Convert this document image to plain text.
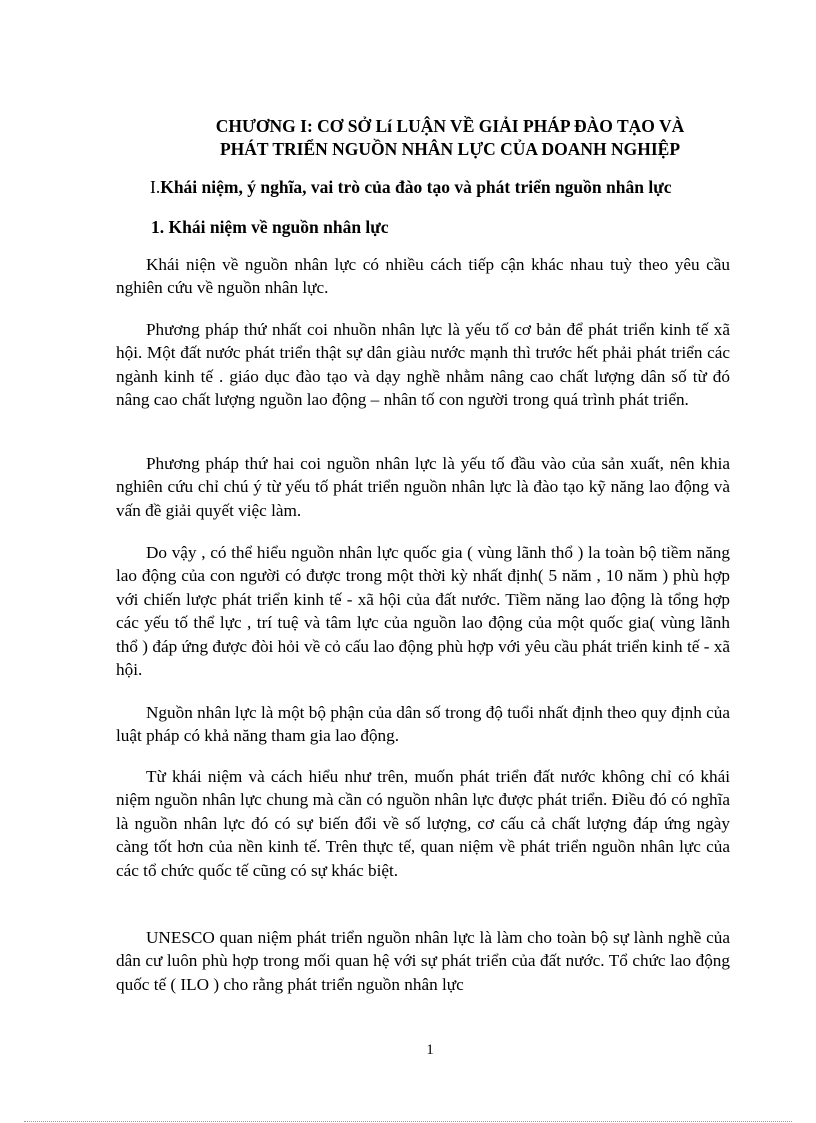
CHƯƠNG I: CƠ SỞ Lí LUẬN VỀ GIẢI PHÁP ĐÀO TẠO VÀ
PHÁT TRIỂN NGUỒN NHÂN LỰC CỦA DOANH NGHIỆP
I.Khái niệm, ý nghĩa, vai trò của đào tạo và phát triển nguồn nhân lực
1. Khái niệm về nguồn nhân lực

Khái niện về nguồn nhân lực có nhiều cách tiếp cận khác nhau tuỳ theo yêu cầu nghiên cứu về nguồn nhân lực.

Phương pháp thứ nhất coi nhuồn nhân lực là yếu tố cơ bản để phát triển kinh tế xã hội. Một đất nước phát triển thật sự dân giàu nước mạnh thì trước hết phải phát triển các ngành kinh tế . giáo dục đào tạo và dạy nghề nhằm nâng cao chất lượng dân số từ đó nâng cao chất lượng nguồn lao động – nhân tố con người trong quá trình phát triển.

Phương pháp thứ hai coi nguồn nhân lực là yếu tố đầu vào của sản xuất, nên khia nghiên cứu chỉ chú ý từ yếu tố phát triển nguồn nhân lực là đào tạo kỹ năng lao động và vấn đề giải quyết việc làm.

Do vậy , có thể hiểu nguồn nhân lực quốc gia ( vùng lãnh thổ ) la toàn bộ tiềm năng lao động của con người có được trong một thời kỳ nhất định( 5 năm , 10 năm ) phù hợp với chiến lược phát triển kinh tế - xã hội của đất nước. Tiềm năng lao động là tổng hợp các yếu tố thể lực , trí tuệ và tâm lực của nguồn lao động của một quốc gia( vùng lãnh thổ ) đáp ứng được đòi hỏi về cỏ cấu lao động phù hợp với yêu cầu phát triển kinh tế - xã hội.

Nguồn nhân lực là một bộ phận của dân số trong độ tuổi nhất định theo quy định của luật pháp có khả năng tham gia lao động.

Từ khái niệm và cách hiểu như trên, muốn phát triển đất nước không chỉ có khái niệm nguồn nhân lực chung mà cần có nguồn nhân lực được phát triển. Điều đó có nghĩa là nguồn nhân lực đó có sự biến đổi về số lượng, cơ cấu cả chất lượng đáp ứng ngày càng tốt hơn của nền kinh tế. Trên thực tế, quan niệm về phát triển nguồn nhân lực của các tổ chức quốc tế cũng có sự khác biệt.

UNESCO quan niệm phát triển nguồn nhân lực là làm cho toàn bộ sự lành nghề của dân cư luôn phù hợp trong mối quan hệ với sự phát triển của đất nước. Tổ chức lao động quốc tế ( ILO ) cho rằng phát triển nguồn nhân lực

1
